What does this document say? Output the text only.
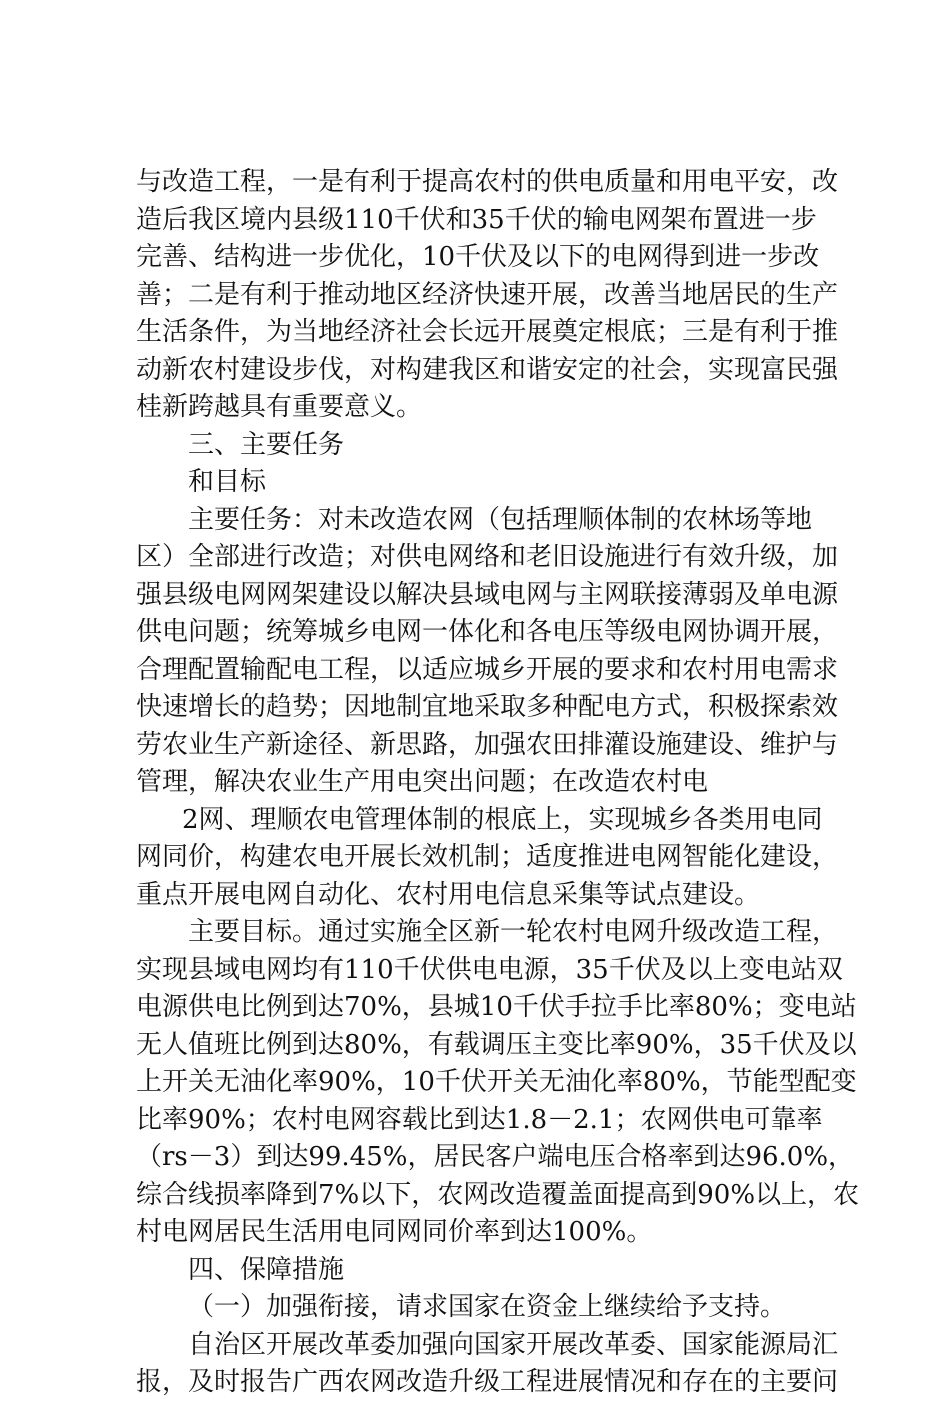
与改造工程，一是有利于提高农村的供电质量和用电平安，改
造后我区境内县级110千伏和35千伏的输电网架布置进一步
完善、结构进一步优化，10千伏及以下的电网得到进一步改
善；二是有利于推动地区经济快速开展，改善当地居民的生产
生活条件，为当地经济社会长远开展奠定根底；三是有利于推
动新农村建设步伐，对构建我区和谐安定的社会，实现富民强
桂新跨越具有重要意义。
三、主要任务
和目标
主要任务：对未改造农网（包括理顺体制的农林场等地
区）全部进行改造；对供电网络和老旧设施进行有效升级，加
强县级电网网架建设以解决县域电网与主网联接薄弱及单电源
供电问题；统筹城乡电网一体化和各电压等级电网协调开展，
合理配置输配电工程，以适应城乡开展的要求和农村用电需求
快速增长的趋势；因地制宜地采取多种配电方式，积极探索效
劳农业生产新途径、新思路，加强农田排灌设施建设、维护与
管理，解决农业生产用电突出问题；在改造农村电
2网、理顺农电管理体制的根底上，实现城乡各类用电同
网同价，构建农电开展长效机制；适度推进电网智能化建设，
重点开展电网自动化、农村用电信息采集等试点建设。
主要目标。通过实施全区新一轮农村电网升级改造工程，
实现县域电网均有110千伏供电电源，35千伏及以上变电站双
电源供电比例到达70%，县城10千伏手拉手比率80%；变电站
无人值班比例到达80%，有载调压主变比率90%，35千伏及以
上开关无油化率90%，10千伏开关无油化率80%，节能型配变
比率90%；农村电网容载比到达1.8－2.1；农网供电可靠率
（rs－3）到达99.45%，居民客户端电压合格率到达96.0%，
综合线损率降到7%以下，农网改造覆盖面提高到90%以上，农
村电网居民生活用电同网同价率到达100%。
四、保障措施
（一）加强衔接，请求国家在资金上继续给予支持。
自治区开展改革委加强向国家开展改革委、国家能源局汇
报，及时报告广西农网改造升级工程进展情况和存在的主要问
